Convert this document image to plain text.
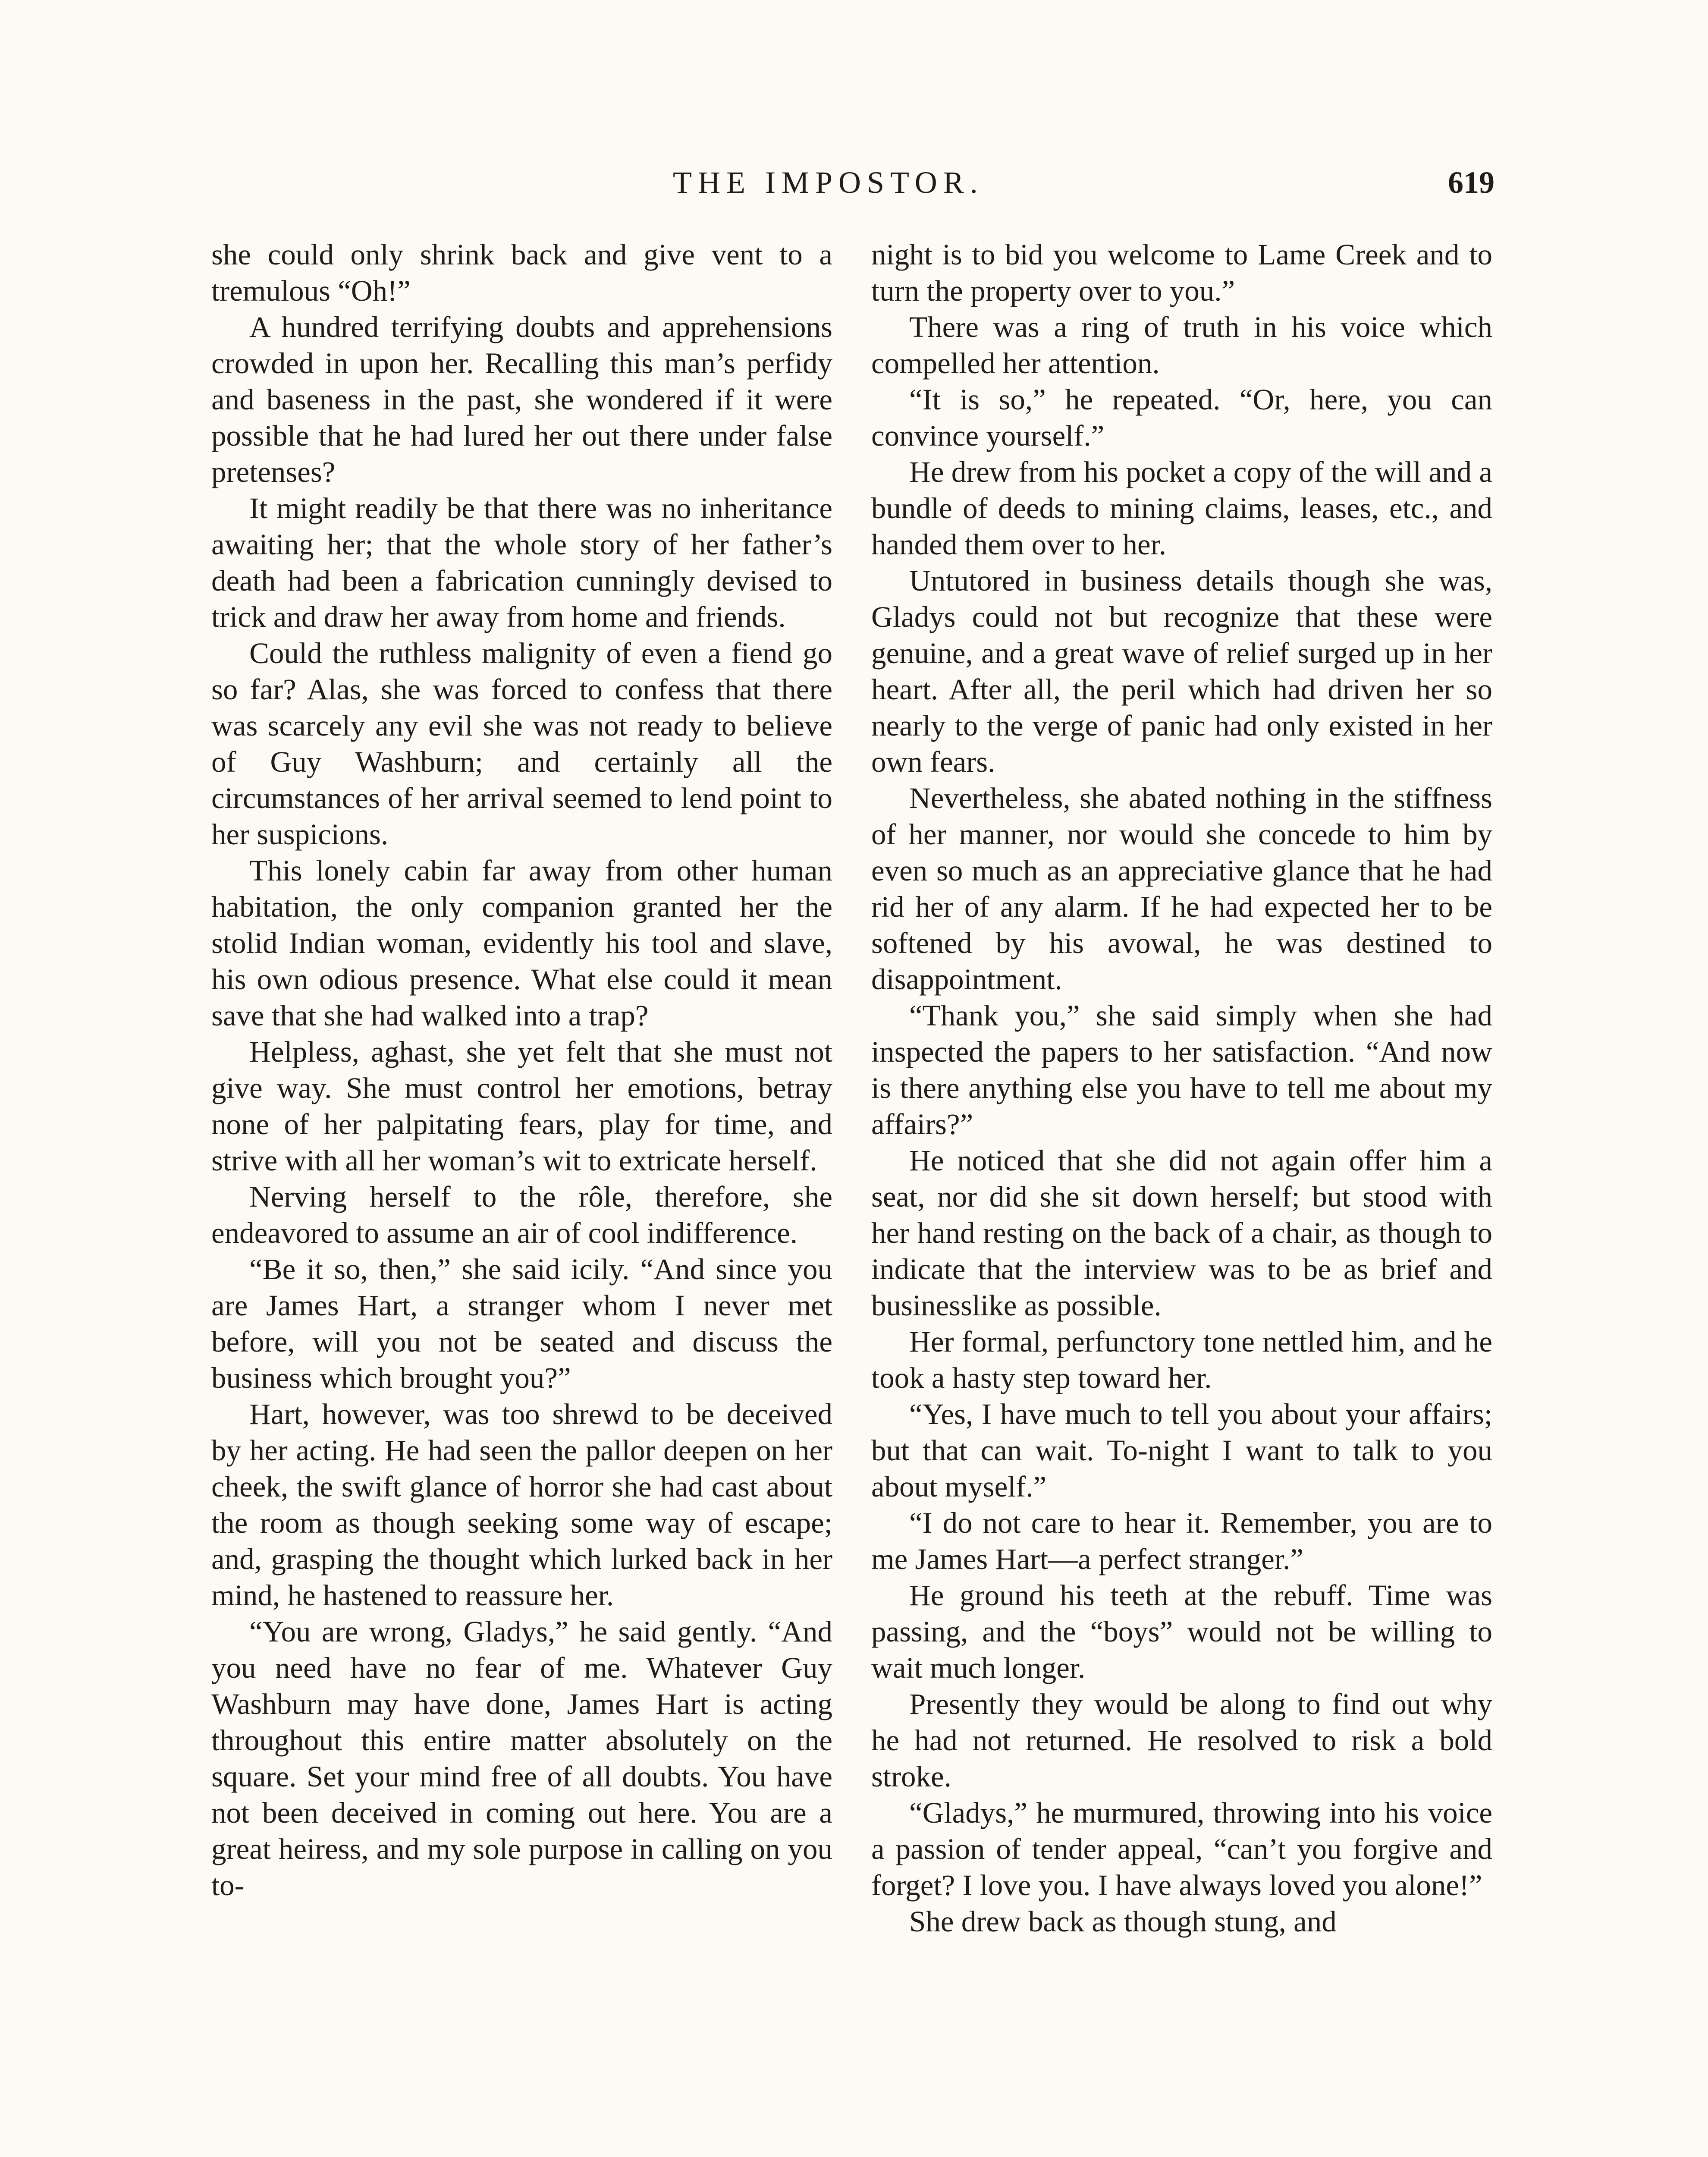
THE IMPOSTOR.	619

she could only shrink back and give vent to a tremulous “Oh!”

A hundred terrifying doubts and apprehensions crowded in upon her. Recalling this man’s perfidy and baseness in the past, she wondered if it were possible that he had lured her out there under false pretenses?

It might readily be that there was no inheritance awaiting her; that the whole story of her father’s death had been a fabrication cunningly devised to trick and draw her away from home and friends.

Could the ruthless malignity of even a fiend go so far? Alas, she was forced to confess that there was scarcely any evil she was not ready to believe of Guy Washburn; and certainly all the circumstances of her arrival seemed to lend point to her suspicions.

This lonely cabin far away from other human habitation, the only companion granted her the stolid Indian woman, evidently his tool and slave, his own odious presence. What else could it mean save that she had walked into a trap?

Helpless, aghast, she yet felt that she must not give way. She must control her emotions, betray none of her palpitating fears, play for time, and strive with all her woman’s wit to extricate herself.

Nerving herself to the rôle, therefore, she endeavored to assume an air of cool indifference.

“Be it so, then,” she said icily. “And since you are James Hart, a stranger whom I never met before, will you not be seated and discuss the business which brought you?”

Hart, however, was too shrewd to be deceived by her acting. He had seen the pallor deepen on her cheek, the swift glance of horror she had cast about the room as though seeking some way of escape; and, grasping the thought which lurked back in her mind, he hastened to reassure her.

“You are wrong, Gladys,” he said gently. “And you need have no fear of me. Whatever Guy Washburn may have done, James Hart is acting throughout this entire matter absolutely on the square. Set your mind free of all doubts. You have not been deceived in coming out here. You are a great heiress, and my sole purpose in calling on you to-

night is to bid you welcome to Lame Creek and to turn the property over to you.”

There was a ring of truth in his voice which compelled her attention.

“It is so,” he repeated. “Or, here, you can convince yourself.”

He drew from his pocket a copy of the will and a bundle of deeds to mining claims, leases, etc., and handed them over to her.

Untutored in business details though she was, Gladys could not but recognize that these were genuine, and a great wave of relief surged up in her heart. After all, the peril which had driven her so nearly to the verge of panic had only existed in her own fears.

Nevertheless, she abated nothing in the stiffness of her manner, nor would she concede to him by even so much as an appreciative glance that he had rid her of any alarm. If he had expected her to be softened by his avowal, he was destined to disappointment.

“Thank you,” she said simply when she had inspected the papers to her satisfaction. “And now is there anything else you have to tell me about my affairs?”

He noticed that she did not again offer him a seat, nor did she sit down herself; but stood with her hand resting on the back of a chair, as though to indicate that the interview was to be as brief and businesslike as possible.

Her formal, perfunctory tone nettled him, and he took a hasty step toward her.

“Yes, I have much to tell you about your affairs; but that can wait. To-night I want to talk to you about myself.”

“I do not care to hear it. Remember, you are to me James Hart—a perfect stranger.”

He ground his teeth at the rebuff. Time was passing, and the “boys” would not be willing to wait much longer.

Presently they would be along to find out why he had not returned. He resolved to risk a bold stroke.

“Gladys,” he murmured, throwing into his voice a passion of tender appeal, “can’t you forgive and forget? I love you. I have always loved you alone!”

She drew back as though stung, and
